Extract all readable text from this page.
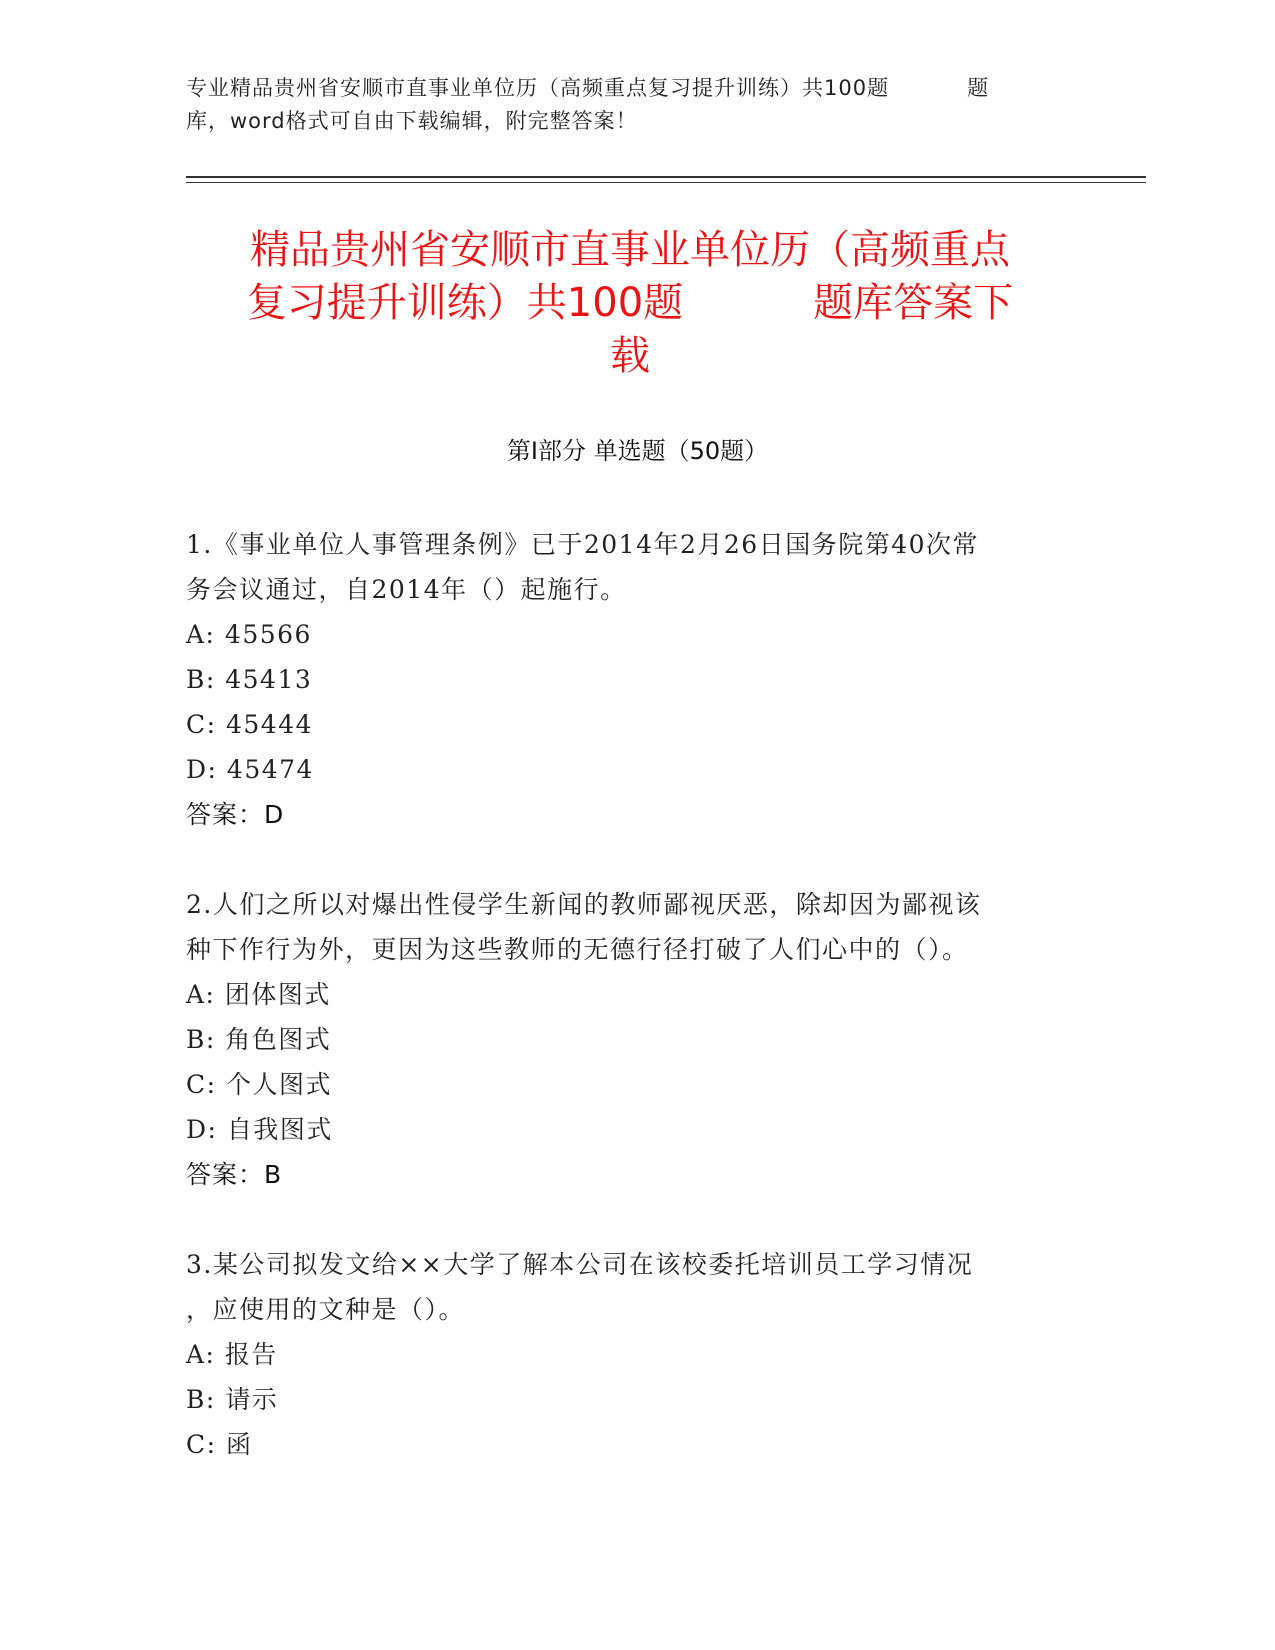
专业精品贵州省安顺市直事业单位历（高频重点复习提升训练）共100题	题
库，word格式可自由下载编辑，附完整答案！
精品贵州省安顺市直事业单位历（高频重点
复习提升训练）共100题	题库答案下
载
第Ⅰ部分 单选题（50题）
1.《事业单位人事管理条例》已于2014年2月26日国务院第40次常
务会议通过，自2014年（）起施行。
A: 45566
B: 45413
C: 45444
D: 45474
答案：D
2.人们之所以对爆出性侵学生新闻的教师鄙视厌恶，除却因为鄙视该
种下作行为外，更因为这些教师的无德行径打破了人们心中的（）。
A: 团体图式
B: 角色图式
C: 个人图式
D: 自我图式
答案：B
3.某公司拟发文给××大学了解本公司在该校委托培训员工学习情况
，应使用的文种是（）。
A: 报告
B: 请示
C: 函
